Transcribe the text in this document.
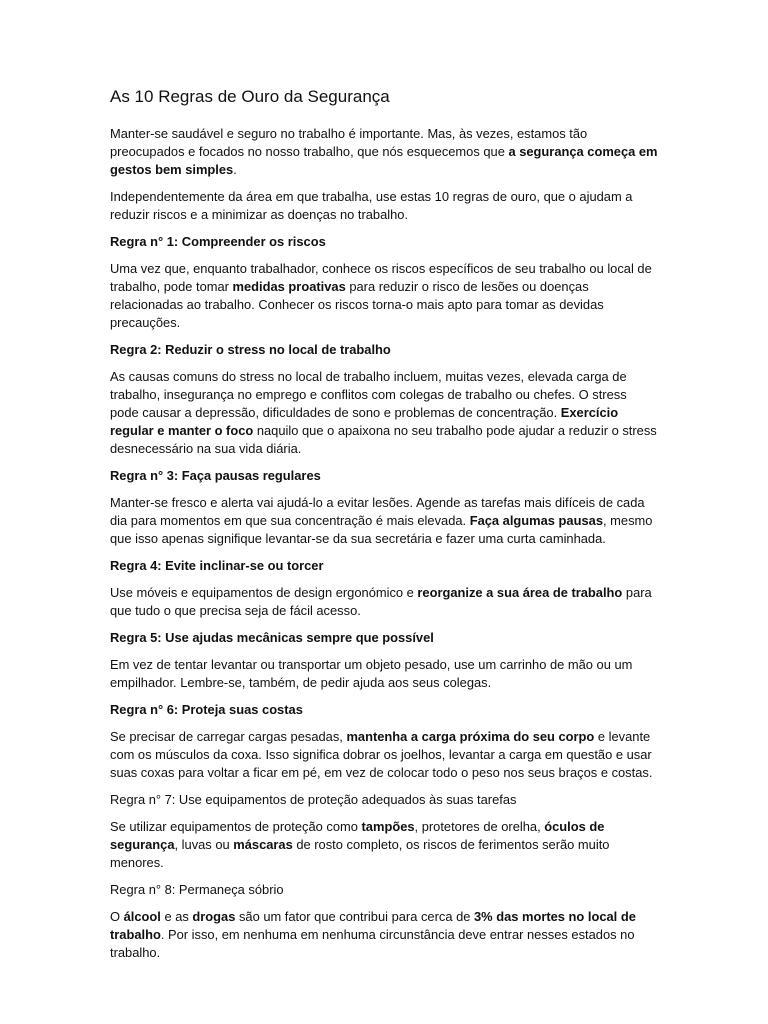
As 10 Regras de Ouro da Segurança

Manter-se saudável e seguro no trabalho é importante. Mas, às vezes, estamos tão preocupados e focados no nosso trabalho, que nós esquecemos que a segurança começa em gestos bem simples.

Independentemente da área em que trabalha, use estas 10 regras de ouro, que o ajudam a reduzir riscos e a minimizar as doenças no trabalho.

Regra n° 1: Compreender os riscos

Uma vez que, enquanto trabalhador, conhece os riscos específicos de seu trabalho ou local de trabalho, pode tomar medidas proativas para reduzir o risco de lesões ou doenças relacionadas ao trabalho. Conhecer os riscos torna-o mais apto para tomar as devidas precauções.

Regra 2: Reduzir o stress no local de trabalho

As causas comuns do stress no local de trabalho incluem, muitas vezes, elevada carga de trabalho, insegurança no emprego e conflitos com colegas de trabalho ou chefes. O stress pode causar a depressão, dificuldades de sono e problemas de concentração. Exercício regular e manter o foco naquilo que o apaixona no seu trabalho pode ajudar a reduzir o stress desnecessário na sua vida diária.

Regra n° 3: Faça pausas regulares

Manter-se fresco e alerta vai ajudá-lo a evitar lesões. Agende as tarefas mais difíceis de cada dia para momentos em que sua concentração é mais elevada. Faça algumas pausas, mesmo que isso apenas signifique levantar-se da sua secretária e fazer uma curta caminhada.

Regra 4: Evite inclinar-se ou torcer

Use móveis e equipamentos de design ergonómico e reorganize a sua área de trabalho para que tudo o que precisa seja de fácil acesso.

Regra 5: Use ajudas mecânicas sempre que possível

Em vez de tentar levantar ou transportar um objeto pesado, use um carrinho de mão ou um empilhador. Lembre-se, também, de pedir ajuda aos seus colegas.

Regra n° 6: Proteja suas costas

Se precisar de carregar cargas pesadas, mantenha a carga próxima do seu corpo e levante com os músculos da coxa. Isso significa dobrar os joelhos, levantar a carga em questão e usar suas coxas para voltar a ficar em pé, em vez de colocar todo o peso nos seus braços e costas.

Regra n° 7: Use equipamentos de proteção adequados às suas tarefas

Se utilizar equipamentos de proteção como tampões, protetores de orelha, óculos de segurança, luvas ou máscaras de rosto completo, os riscos de ferimentos serão muito menores.

Regra n° 8: Permaneça sóbrio

O álcool e as drogas são um fator que contribui para cerca de 3% das mortes no local de trabalho. Por isso, em nenhuma em nenhuma circunstância deve entrar nesses estados no trabalho.
